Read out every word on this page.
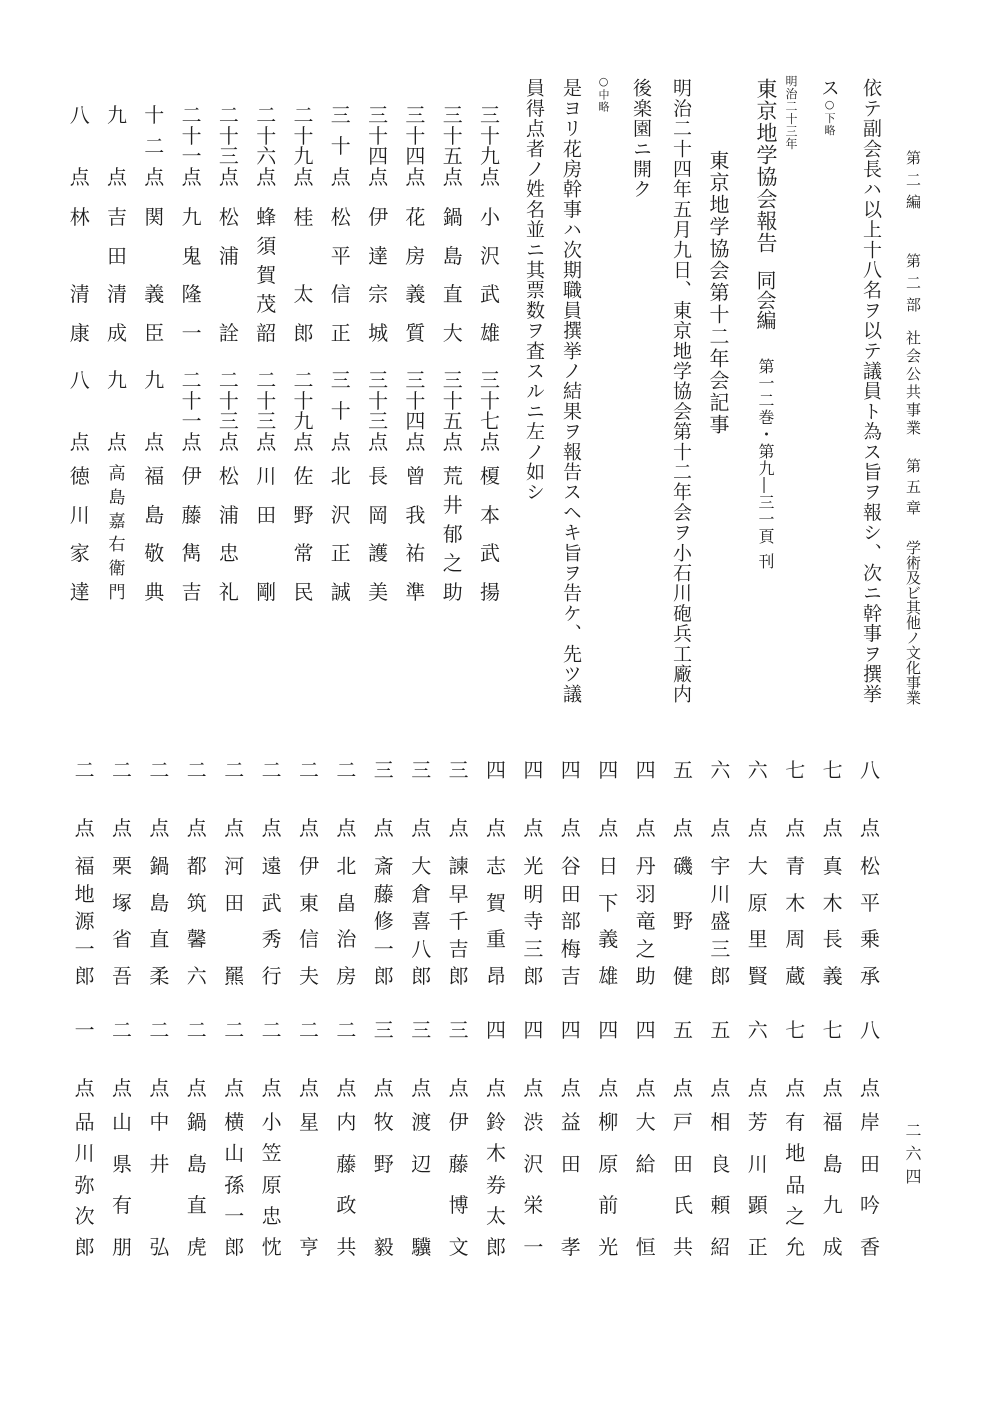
第二編
第二部
社会公共事業
第五章
学術及ビ其他ノ文化事業
二六四
依テ副会長ハ以上十八名ヲ以テ議員ト為ス旨ヲ報シ、次ニ幹事ヲ撰挙
ス○下略
明治二十三年
東京地学協会報告
同会編
第一二巻・第九―三一頁
刊
東京地学協会第十二年会記事
明治二十四年五月九日、東京地学協会第十二年会ヲ小石川砲兵工廠内
後楽園ニ開ク
○中略
是ヨリ花房幹事ハ次期職員撰挙ノ結果ヲ報告スヘキ旨ヲ告ケ、先ツ議
員得点者ノ姓名並ニ其票数ヲ査スルニ左ノ如シ
三
十
九
点
小
沢
武
雄
三
十
七
点
榎
本
武
揚
三
十
五
点
鍋
島
直
大
三
十
五
点
荒
井
郁
之
助
三
十
四
点
花
房
義
質
三
十
四
点
曾
我
祐
準
三
十
四
点
伊
達
宗
城
三
十
三
点
長
岡
護
美
三
十
点
松
平
信
正
三
十
点
北
沢
正
誠
二
十
九
点
桂

太
郎
二
十
九
点
佐
野
常
民
二
十
六
点
蜂
須
賀
茂
韶
二
十
三
点
川
田

剛
二
十
三
点
松
浦

詮
二
十
三
点
松
浦
忠
礼
二
十
一
点
九
鬼
隆
一
二
十
一
点
伊
藤
雋
吉
十
二
点
関

義
臣
九
点
福
島
敬
典
九
点
吉
田
清
成
九
点
高
島
嘉
右
衛
門
八
点
林

清
康
八
点
徳
川
家
達
八
点
松
平
乗
承
八
点
岸
田
吟
香
七
点
真
木
長
義
七
点
福
島
九
成
七
点
青
木
周
蔵
七
点
有
地
品
之
允
六
点
大
原
里
賢
六
点
芳
川
顕
正
六
点
宇
川
盛
三
郎
五
点
相
良
頼
紹
五
点
磯
野
健
五
点
戸
田
氏
共
四
点
丹
羽
竜
之
助
四
点
大
給

恒
四
点
日
下
義
雄
四
点
柳
原
前
光
四
点
谷
田
部
梅
吉
四
点
益
田

孝
四
点
光
明
寺
三
郎
四
点
渋
沢
栄
一
四
点
志
賀
重
昂
四
点
鈴
木
券
太
郎
三
点
諫
早
千
吉
郎
三
点
伊
藤
博
文
三
点
大
倉
喜
八
郎
三
点
渡
辺

驥
三
点
斎
藤
修
一
郎
三
点
牧
野

毅
二
点
北
畠
治
房
二
点
内
藤
政
共
二
点
伊
東
信
夫
二
点
星
亨
二
点
遠
武
秀
行
二
点
小
笠
原
忠
忱
二
点
河
田

羆
二
点
横
山
孫
一
郎
二
点
都
筑
馨
六
二
点
鍋
島
直
虎
二
点
鍋
島
直
柔
二
点
中
井

弘
二
点
栗
塚
省
吾
二
点
山
県
有
朋
二
点
福
地
源
一
郎
一
点
品
川
弥
次
郎
